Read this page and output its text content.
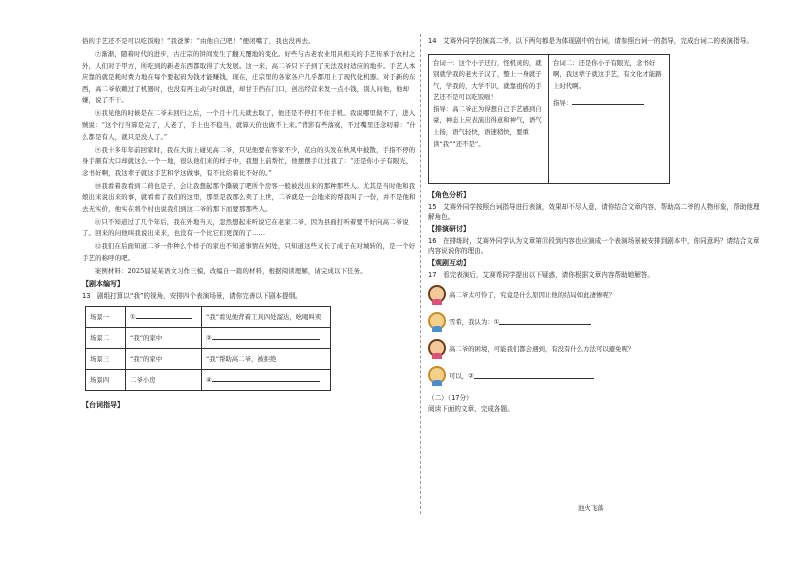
俗的手艺还不是可以吃饭啦！”我爸爹：“由他自己吧！”便闭嘴了，我也没再去。

⑦渐渐，随着时代的进步，古庄宗的饼间发生了翻天覆地的变化。好些与古老农业用具相关的手艺传承于农村之外，人们对于甲方，所吃到的新老东西都取得了大发展。这一来，高二爷只下子到了无法及时适应的地步。手艺人本应靠的就是耗时费力地在每个要起码为钱才能赚钱，现在，庄宗里的各家各户几乎都用上了现代化机器。对于新的东西，高二爷依赖过了机器时，也没有再主动与时俱进，却甘于挡在门口，创出经营来发一点小钱，别人问他，他却嫌，说了不干。

⑧我见他的时候是在二爷未回归之后，一个月十几天就去取了，他还是不停打不住手机。我说哪里做不了，进入贼说：“这个行当算是完了，人老了，手上也不稳当，就算天价也做不上来。”背影有些落寞，不过嘴里还念叨着：“什么都是有人，就只是没人了。”

⑨我十多年年前回家时，我在大街上碰见高二爷，只见他要在客家不少，花白的头发在秋风中披散，手指不停的身手颇有大口却就这么一个一地，很认他们来的样子中，我想上前帮忙，他摆摆手让过我了：“还是你小子有眼光，念书好啊，我这辈子就这手艺和学这做事，有不比给着比不好的。”

⑩我看着我看到二荷也是子，会让我想起那个撕破了吧所个房客一般被没出来的那种那些人。尤其是当时他和我娘出来说出来的事，就看看了我们的这里，那里是我那么卖了上世，二爷就是一会地来的帮我叫了一份，并不是他和去无实价，他实在将个村也说我们到这二爷的那下而要那那些人。

⑪只不知道过了几个年后，我在外地当天，忽然想起来听说它在老家二爷，因为县面打听着要不好向高二爷说了。回来的问他叫我说出来来，也没有一个比它们更深的了……

⑫我们在后面知道二爷一件种么个样子的家也不知道事情在何处，只知道这些又长了成子在对城转的，是一个好手艺的称呼的吧。

案例材料：2025届某某语文习作三模，改编自一篇的材料，根据阅读理解，请完成以下任务。

【剧本编写】
13　剧组打算以“我”的视角，安排四个表演场景，请你完善以下剧本提纲。
场景一	①	“我”看见他背着工具四处溜达，吆喝叫卖
场景二	“我”的家中	②
场景三	“我”的家中	“我”帮助高二爷，被拒绝
场景四	二爷小房	④
【台词指导】
14　艾赛外同学扮演高二爷，以下两句都是为体现剧中的台词，请参照台词一的指导，完成台词二的表演指导。
台词一：这个小子迂行，怪机灵的，就别就学我的老夫子汉了，整上一身就子气，学我的，大学不识，就靠祖传的手艺还不是可以吃饭啦！
指导：高二爷正为得想自己手艺感到自豪，神态上应表演出得意和神气，语气上扬，语气轻快，语速稍快，要重读“我”“还不是”。
台词二：还是你小子有眼光，念书好啊，我这辈子就这手艺，有文化才能路上时代啊。
指导：
【角色分析】
15　艾赛外同学按照台词指导进行表演，效果却不尽人意，请你结合文章内容，帮助高二爷的人物形象，帮助他理解角色。
【排演研讨】
16　在排练时，艾赛外同学认为文章第⑪段到内容也应演成一个表演场景被安排到剧本中，你同意吗？请结合文章内容说说你的理由。
【观剧互动】
17　看完表演后，艾赛希同学提出以下疑惑，请你根据文章内容帮助她解答。
高二爷太可怜了，究竟是什么原因让他的结局如此凄惨呢？
雪希，我认为：①
高二爷的困境，可能我们都会遇到，有没有什么方法可以避免呢？
可以，②
（二）（17分）
阅读下面的文章，完成各题。
池火飞落
